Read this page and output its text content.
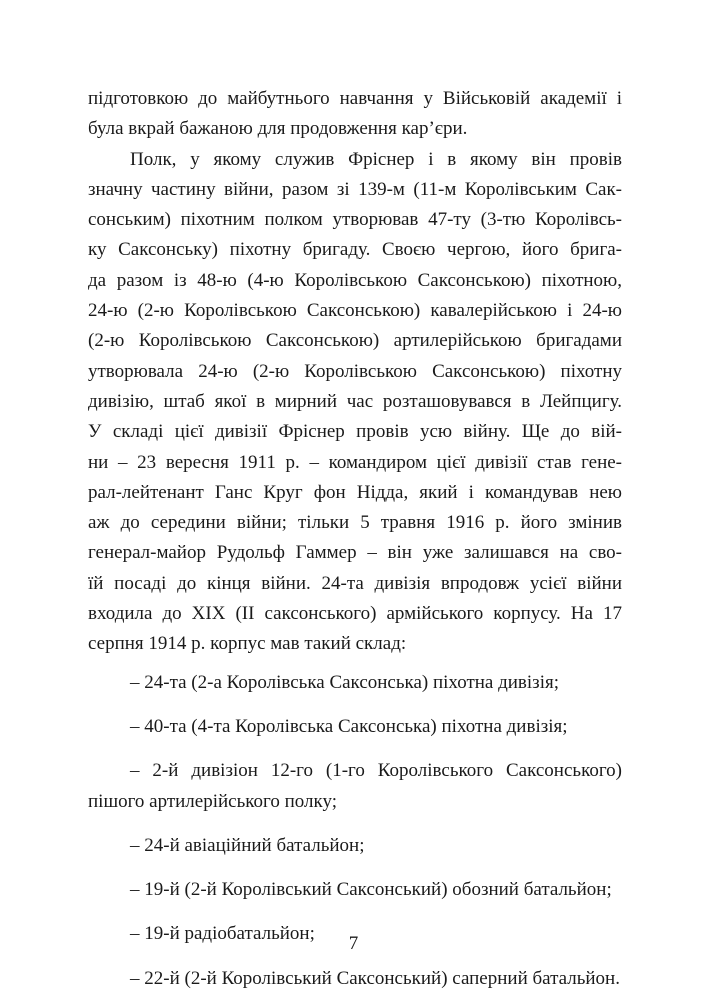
підготовкою до майбутнього навчання у Військовій академії і
була вкрай бажаною для продовження кар’єри.
Полк, у якому служив Фріснер і в якому він провів
значну частину війни, разом зі 139-м (11-м Королівським Сак-
сонським) піхотним полком утворював 47-ту (3-тю Королівсь-
ку Саксонську) піхотну бригаду. Своєю чергою, його брига-
да разом із 48-ю (4-ю Королівською Саксонською) піхотною,
24-ю (2-ю Королівською Саксонською) кавалерійською і 24-ю
(2-ю Королівською Саксонською) артилерійською бригадами
утворювала 24-ю (2-ю Королівською Саксонською) піхотну
дивізію, штаб якої в мирний час розташовувався в Лейпцигу.
У складі цієї дивізії Фріснер провів усю війну. Ще до вій-
ни – 23 вересня 1911 р. – командиром цієї дивізії став гене-
рал-лейтенант Ганс Круг фон Нідда, який і командував нею
аж до середини війни; тільки 5 травня 1916 р. його змінив
генерал-майор Рудольф Гаммер – він уже залишався на сво-
їй посаді до кінця війни. 24-та дивізія впродовж усієї війни
входила до XIX (II саксонського) армійського корпусу. На 17
серпня 1914 р. корпус мав такий склад:
– 24-та (2-а Королівська Саксонська) піхотна дивізія;
– 40-та (4-та Королівська Саксонська) піхотна дивізія;
– 2-й дивізіон 12-го (1-го Королівського Саксонського)
пішого артилерійського полку;
– 24-й авіаційний батальйон;
– 19-й (2-й Королівський Саксонський) обозний батальйон;
– 19-й радіобатальйон;
– 22-й (2-й Королівський Саксонський) саперний батальйон.
7
